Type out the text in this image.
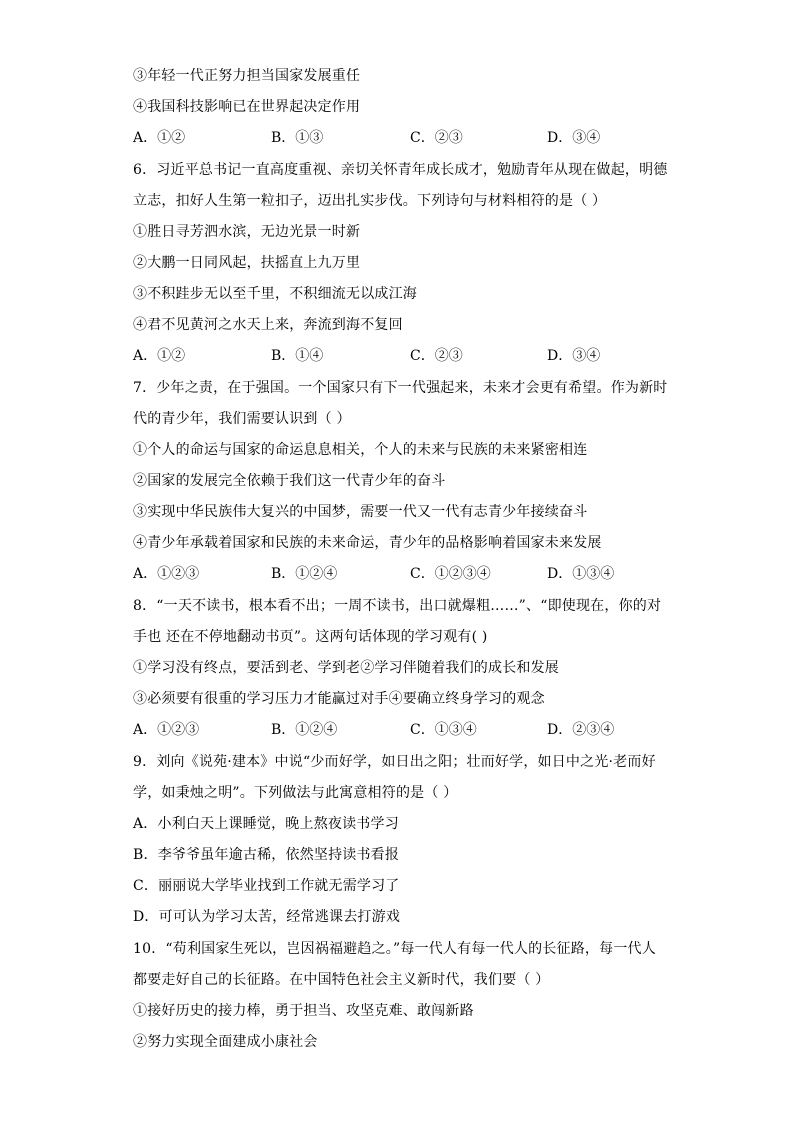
③年轻一代正努力担当国家发展重任
④我国科技影响已在世界起决定作用
A．①②	B．①③	C．②③	D．③④
6．习近平总书记一直高度重视、亲切关怀青年成长成才，勉励青年从现在做起，明德
立志，扣好人生第一粒扣子，迈出扎实步伐。下列诗句与材料相符的是（ ）
①胜日寻芳泗水滨，无边光景一时新
②大鹏一日同风起，扶摇直上九万里
③不积跬步无以至千里，不积细流无以成江海
④君不见黄河之水天上来，奔流到海不复回
A．①②	B．①④	C．②③	D．③④
7．少年之责，在于强国。一个国家只有下一代强起来，未来才会更有希望。作为新时
代的青少年，我们需要认识到（ ）
①个人的命运与国家的命运息息相关，个人的未来与民族的未来紧密相连
②国家的发展完全依赖于我们这一代青少年的奋斗
③实现中华民族伟大复兴的中国梦，需要一代又一代有志青少年接续奋斗
④青少年承载着国家和民族的未来命运，青少年的品格影响着国家未来发展
A．①②③	B．①②④	C．①②③④	D．①③④
8．“一天不读书，根本看不出；一周不读书，出口就爆粗……”、“即使现在，你的对
手也 还在不停地翻动书页”。这两句话体现的学习观有( )
①学习没有终点，要活到老、学到老②学习伴随着我们的成长和发展
③必须要有很重的学习压力才能赢过对手④要确立终身学习的观念
A．①②③	B．①②④	C．①③④	D．②③④
9．刘向《说苑·建本》中说“少而好学，如日出之阳；壮而好学，如日中之光·老而好
学，如秉烛之明”。下列做法与此寓意相符的是（ ）
A．小利白天上课睡觉，晚上熬夜读书学习
B．李爷爷虽年逾古稀，依然坚持读书看报
C．丽丽说大学毕业找到工作就无需学习了
D．可可认为学习太苦，经常逃课去打游戏
10．“苟利国家生死以，岂因祸福避趋之。”每一代人有每一代人的长征路，每一代人
都要走好自己的长征路。在中国特色社会主义新时代，我们要（ ）
①接好历史的接力棒，勇于担当、攻坚克难、敢闯新路
②努力实现全面建成小康社会
